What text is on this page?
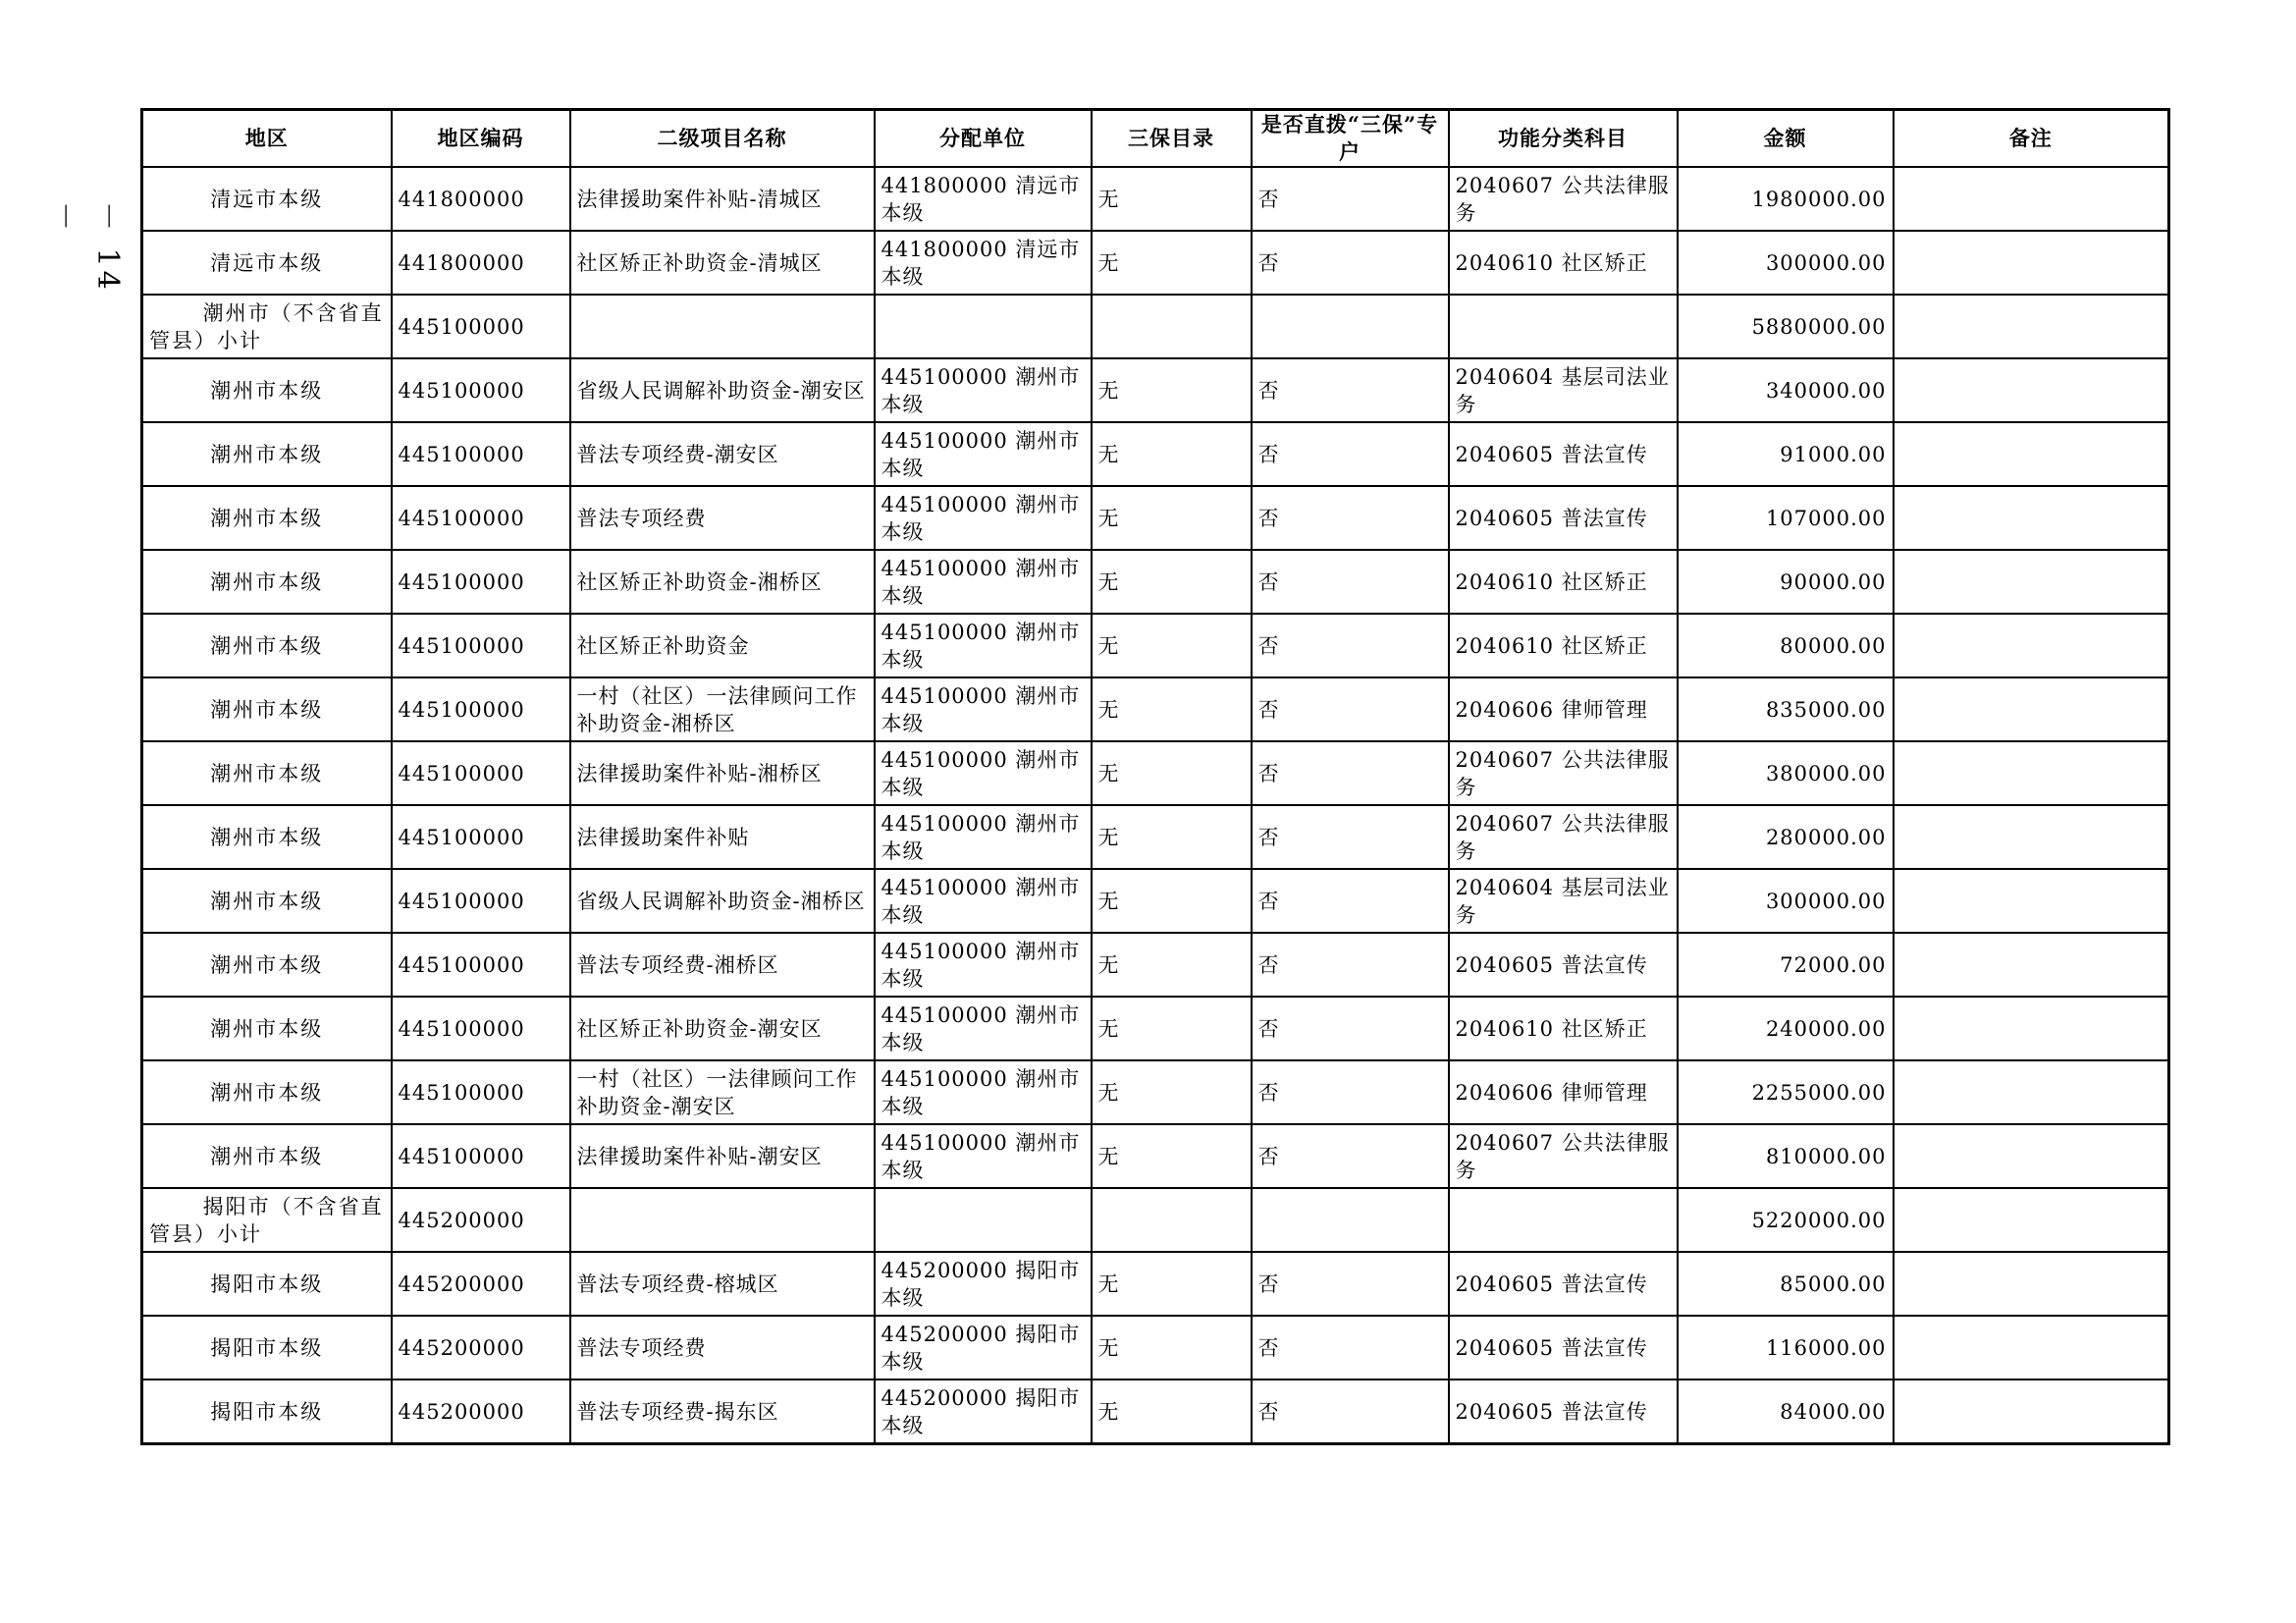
－ 14 －
地区	地区编码	二级项目名称	分配单位	三保目录	是否直拨“三保”专户	功能分类科目	金额	备注
清远市本级	441800000	法律援助案件补贴-清城区	441800000 清远市本级	无	否	2040607 公共法律服务	1980000.00	
清远市本级	441800000	社区矫正补助资金-清城区	441800000 清远市本级	无	否	2040610 社区矫正	300000.00	
潮州市（不含省直管县）小计	445100000						5880000.00	
潮州市本级	445100000	省级人民调解补助资金-潮安区	445100000 潮州市本级	无	否	2040604 基层司法业务	340000.00	
潮州市本级	445100000	普法专项经费-潮安区	445100000 潮州市本级	无	否	2040605 普法宣传	91000.00	
潮州市本级	445100000	普法专项经费	445100000 潮州市本级	无	否	2040605 普法宣传	107000.00	
潮州市本级	445100000	社区矫正补助资金-湘桥区	445100000 潮州市本级	无	否	2040610 社区矫正	90000.00	
潮州市本级	445100000	社区矫正补助资金	445100000 潮州市本级	无	否	2040610 社区矫正	80000.00	
潮州市本级	445100000	一村（社区）一法律顾问工作补助资金-湘桥区	445100000 潮州市本级	无	否	2040606 律师管理	835000.00	
潮州市本级	445100000	法律援助案件补贴-湘桥区	445100000 潮州市本级	无	否	2040607 公共法律服务	380000.00	
潮州市本级	445100000	法律援助案件补贴	445100000 潮州市本级	无	否	2040607 公共法律服务	280000.00	
潮州市本级	445100000	省级人民调解补助资金-湘桥区	445100000 潮州市本级	无	否	2040604 基层司法业务	300000.00	
潮州市本级	445100000	普法专项经费-湘桥区	445100000 潮州市本级	无	否	2040605 普法宣传	72000.00	
潮州市本级	445100000	社区矫正补助资金-潮安区	445100000 潮州市本级	无	否	2040610 社区矫正	240000.00	
潮州市本级	445100000	一村（社区）一法律顾问工作补助资金-潮安区	445100000 潮州市本级	无	否	2040606 律师管理	2255000.00	
潮州市本级	445100000	法律援助案件补贴-潮安区	445100000 潮州市本级	无	否	2040607 公共法律服务	810000.00	
揭阳市（不含省直管县）小计	445200000						5220000.00	
揭阳市本级	445200000	普法专项经费-榕城区	445200000 揭阳市本级	无	否	2040605 普法宣传	85000.00	
揭阳市本级	445200000	普法专项经费	445200000 揭阳市本级	无	否	2040605 普法宣传	116000.00	
揭阳市本级	445200000	普法专项经费-揭东区	445200000 揭阳市本级	无	否	2040605 普法宣传	84000.00	
